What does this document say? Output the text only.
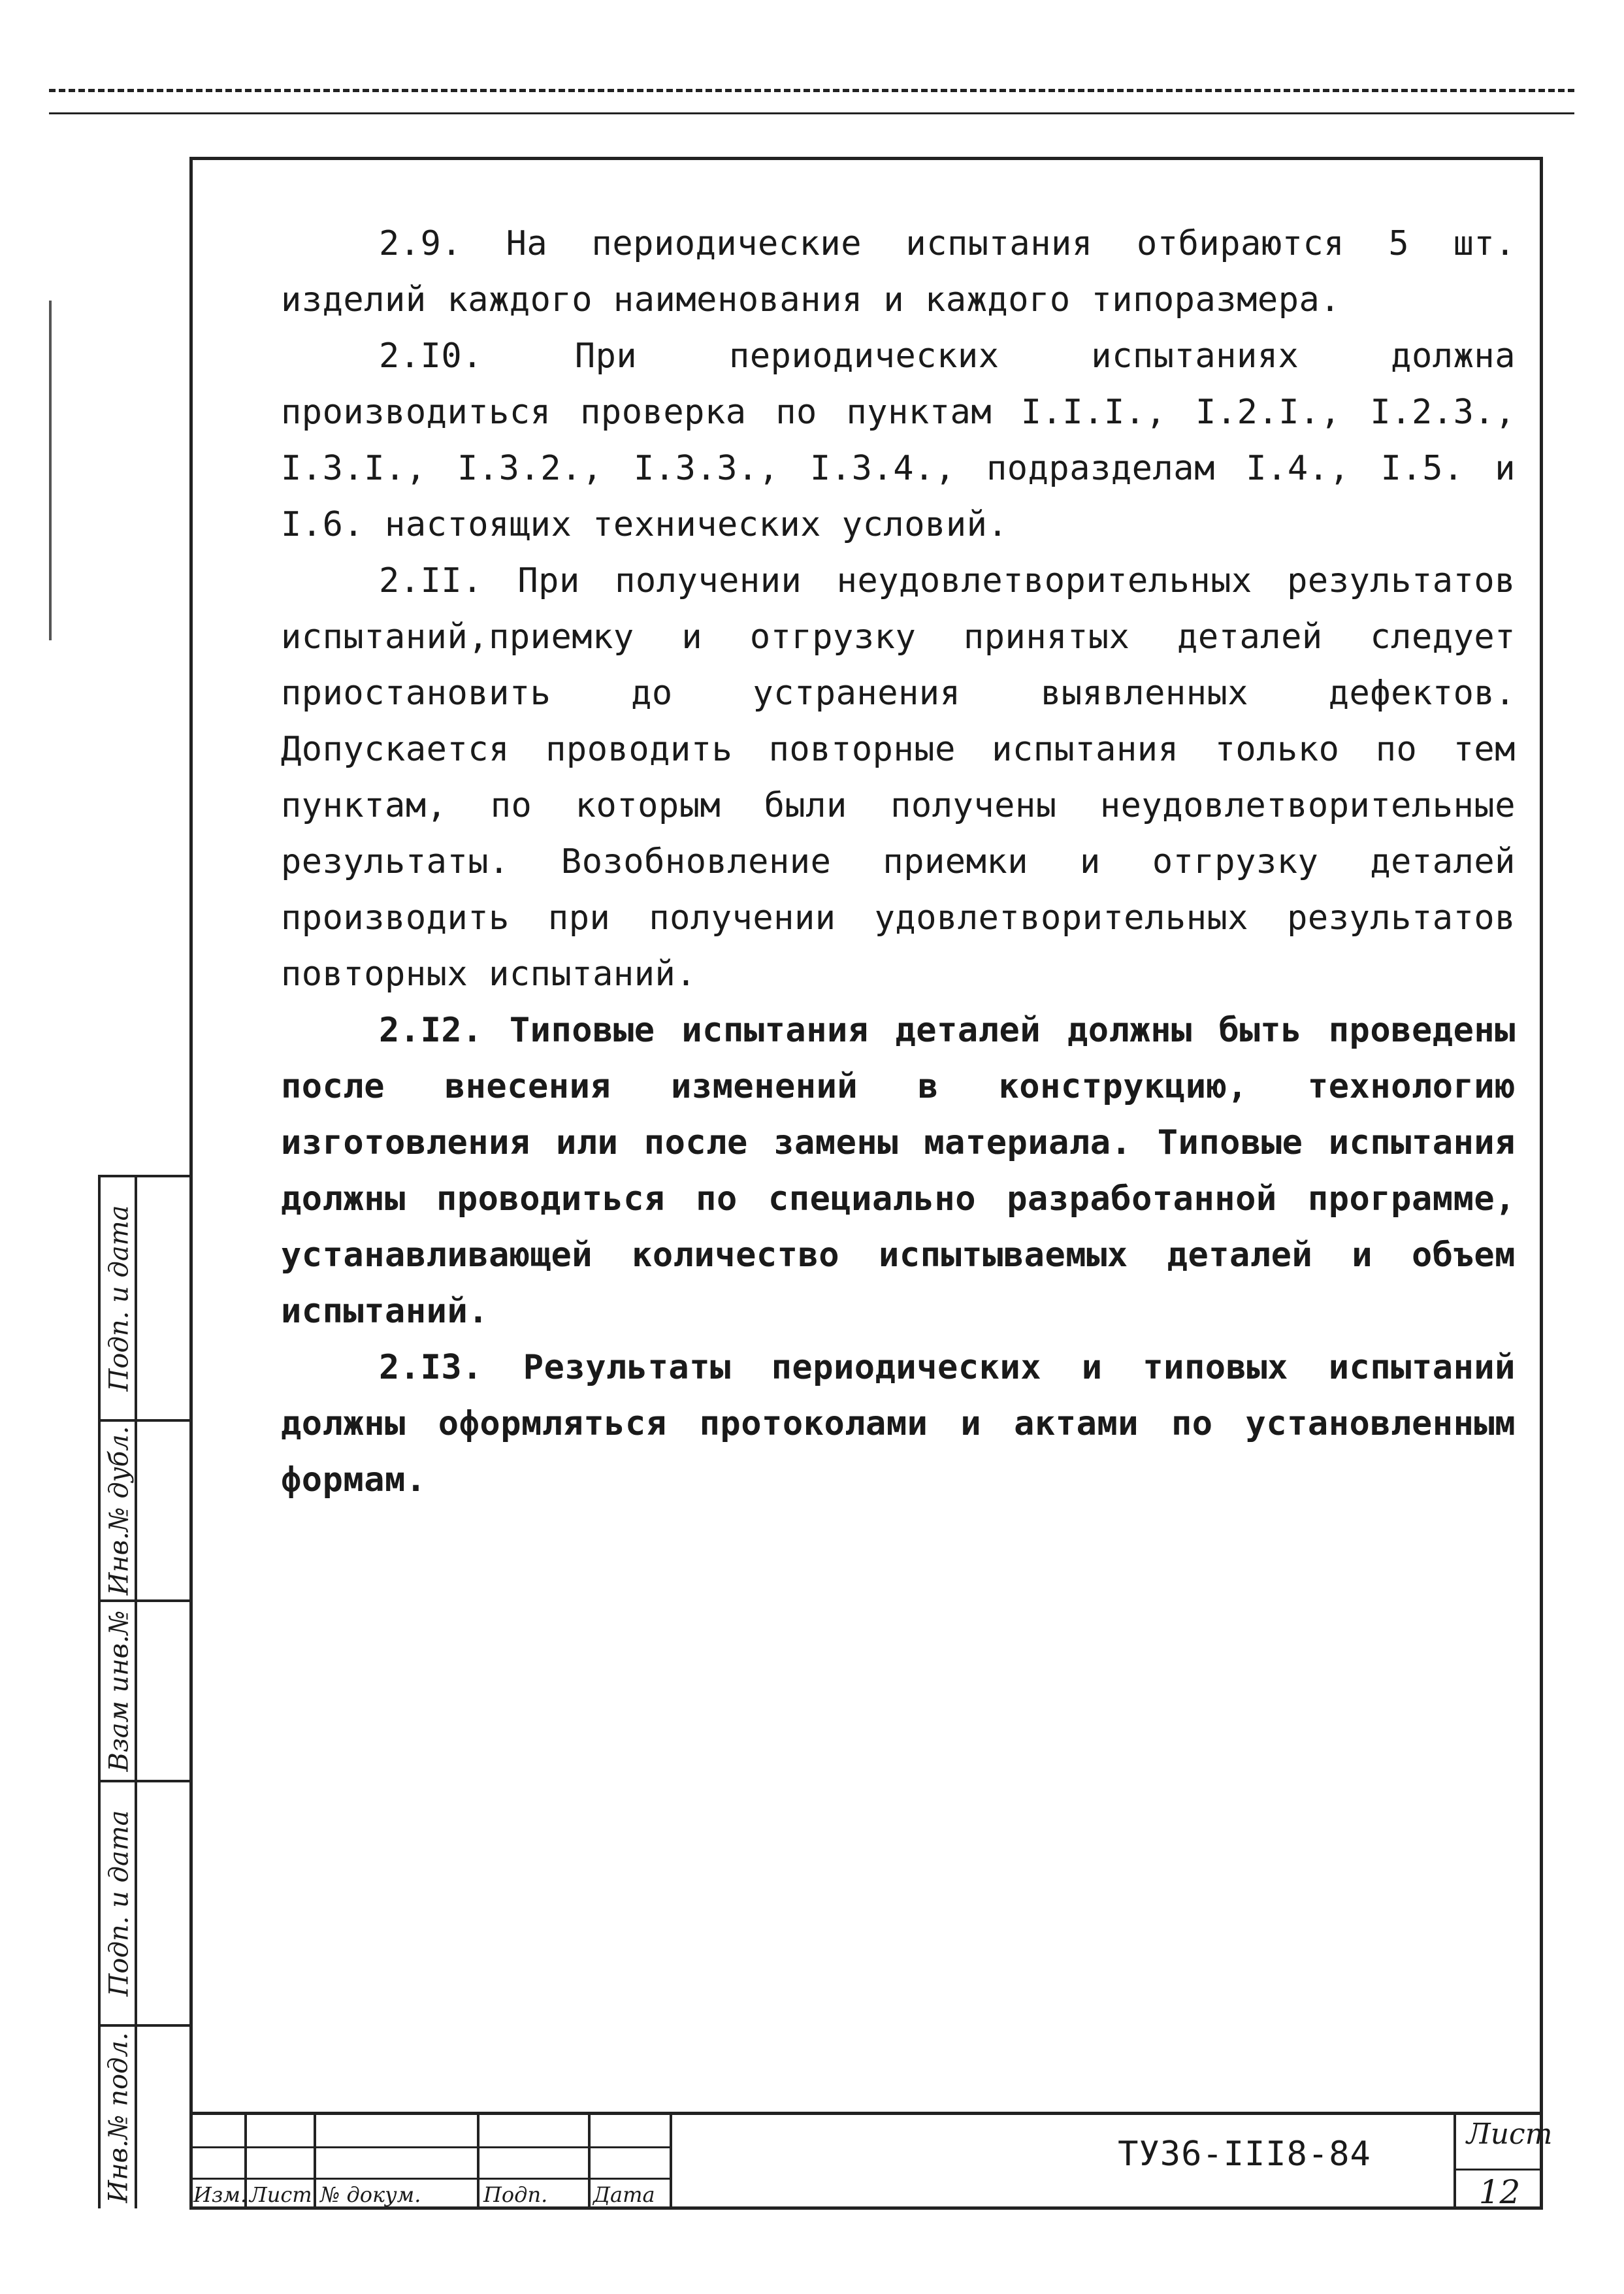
2.9. На периодические испытания отбираются 5 шт. изделий каждого наименования и каждого типоразмера.

2.I0. При периодических испытаниях должна производиться проверка по пунктам I.I.I., I.2.I., I.2.3., I.3.I., I.3.2., I.3.3., I.3.4., подразделам I.4., I.5. и I.6. настоящих технических условий.

2.II. При получении неудовлетворительных результатов испытаний,приемку и отгрузку принятых деталей следует приостановить до устранения выявленных дефектов. Допускается проводить повторные испытания только по тем пунктам, по которым были получены неудовлетворительные результаты. Возобновление приемки и отгрузку деталей производить при получении удовлетворительных результатов повторных испытаний.

2.I2. Типовые испытания деталей должны быть проведены после внесения изменений в конструкцию, технологию изготовления или после замены материала. Типовые испытания должны проводиться по специально разработанной программе, устанавливающей количество испытываемых деталей и объем испытаний.

2.I3. Результаты периодических и типовых испытаний должны оформляться протоколами и актами по установленным формам.

Подп. и дата
Инв.№ дубл.
Взам инв.№
Подп. и дата
Инв.№ подл.	Изм. Лист № докум.	Подп. Дата
ТУ36-III8-84
Лист
12
